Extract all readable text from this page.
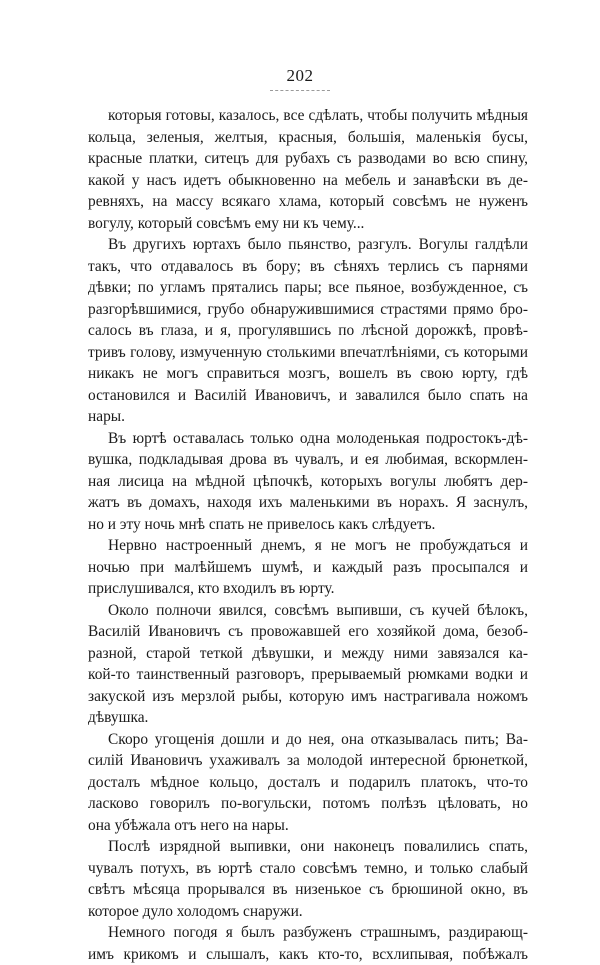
202

которыя готовы, казалось, все сдѣлать, чтобы получить мѣдныя
кольца, зеленыя, желтыя, красныя, большія, маленькія бусы,
красные платки, ситецъ для рубахъ съ разводами во всю спину,
какой у насъ идетъ обыкновенно на мебель и занавѣски въ де-
ревняхъ, на массу всякаго хлама, который совсѣмъ не нуженъ
вогулу, который совсѣмъ ему ни къ чему...

Въ другихъ юртахъ было пьянство, разгулъ. Вогулы галдѣли
такъ, что отдавалось въ бору; въ сѣняхъ терлись съ парнями
дѣвки; по угламъ прятались пары; все пьяное, возбужденное, съ
разгорѣвшимися, грубо обнаружившимися страстями прямо бро-
салось въ глаза, и я, прогулявшись по лѣсной дорожкѣ, провѣ-
тривъ голову, измученную столькими впечатлѣніями, съ которыми
никакъ не могъ справиться мозгъ, вошелъ въ свою юрту, гдѣ
остановился и Василій Ивановичъ, и завалился было спать на
нары.

Въ юртѣ оставалась только одна молоденькая подростокъ-дѣ-
вушка, подкладывая дрова въ чувалъ, и ея любимая, вскормлен-
ная лисица на мѣдной цѣпочкѣ, которыхъ вогулы любятъ дер-
жатъ въ домахъ, находя ихъ маленькими въ норахъ. Я заснулъ,
но и эту ночь мнѣ спать не привелось какъ слѣдуетъ.

Нервно настроенный днемъ, я не могъ не пробуждаться и
ночью при малѣйшемъ шумѣ, и каждый разъ просыпался и
прислушивался, кто входилъ въ юрту.

Около полночи явился, совсѣмъ выпивши, съ кучей бѣлокъ,
Василій Ивановичъ съ провожавшей его хозяйкой дома, безоб-
разной, старой теткой дѣвушки, и между ними завязался ка-
кой-то таинственный разговоръ, прерываемый рюмками водки и
закуской изъ мерзлой рыбы, которую имъ настрагивала ножомъ
дѣвушка.

Скоро угощенія дошли и до нея, она отказывалась пить; Ва-
силій Ивановичъ ухаживалъ за молодой интересной брюнеткой,
досталъ мѣдное кольцо, досталъ и подарилъ платокъ, что-то
ласково говорилъ по-вогульски, потомъ полѣзъ цѣловать, но
она убѣжала отъ него на нары.

Послѣ изрядной выпивки, они наконецъ повалились спать,
чувалъ потухъ, въ юртѣ стало совсѣмъ темно, и только слабый
свѣтъ мѣсяца прорывался въ низенькое съ брюшиной окно, въ
которое дуло холодомъ снаружи.

Немного погодя я былъ разбуженъ страшнымъ, раздирающ-
имъ крикомъ и слышалъ, какъ кто-то, всхлипывая, побѣжалъ
